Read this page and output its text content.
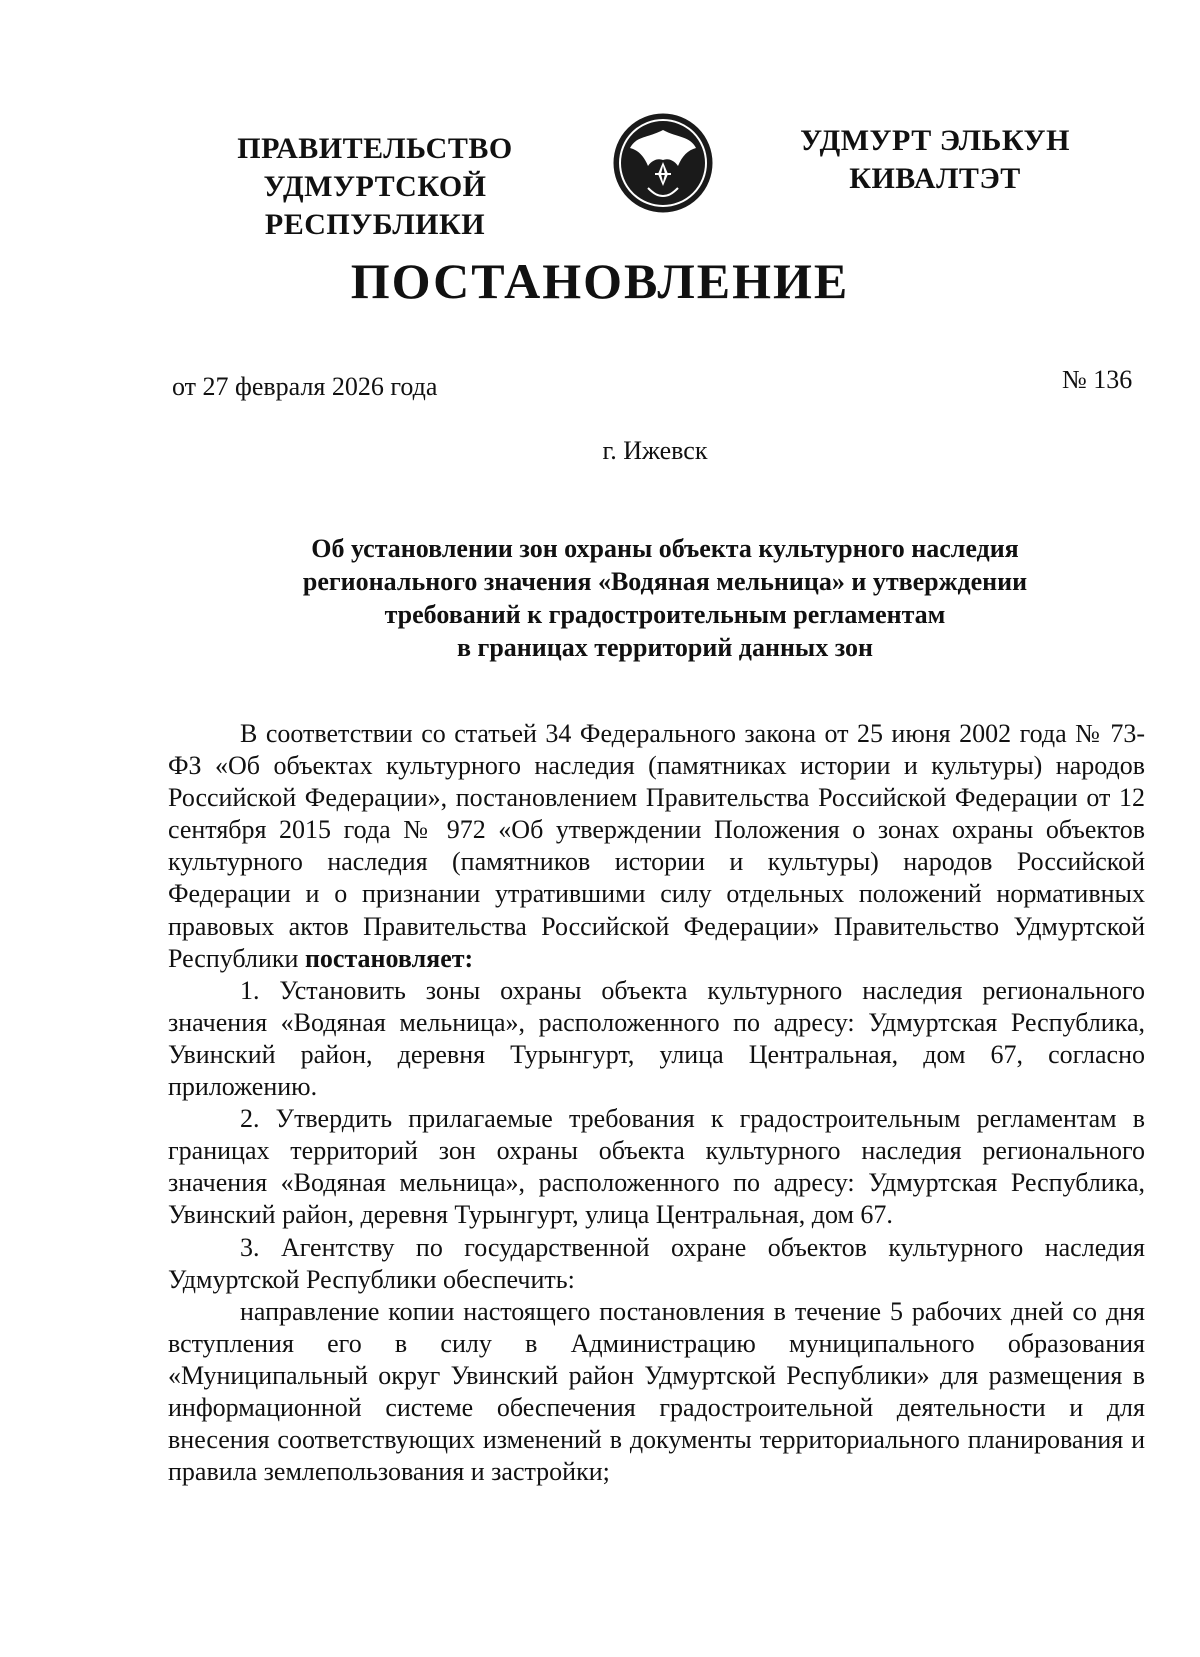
ПРАВИТЕЛЬСТВО
УДМУРТСКОЙ РЕСПУБЛИКИ
УДМУРТ ЭЛЬКУН
КИВАЛТЭТ
ПОСТАНОВЛЕНИЕ
от 27 февраля 2026 года	№ 136
г. Ижевск
Об установлении зон охраны объекта культурного наследия
регионального значения «Водяная мельница» и утверждении
требований к градостроительным регламентам
в границах территорий данных зон

В соответствии со статьей 34 Федерального закона от 25 июня 2002 года № 73-ФЗ «Об объектах культурного наследия (памятниках истории и культуры) народов Российской Федерации», постановлением Правительства Российской Федерации от 12 сентября 2015 года № 972 «Об утверждении Положения о зонах охраны объектов культурного наследия (памятников истории и культуры) народов Российской Федерации и о признании утратившими силу отдельных положений нормативных правовых актов Правительства Российской Федерации» Правительство Удмуртской Республики постановляет:

1. Установить зоны охраны объекта культурного наследия регионального значения «Водяная мельница», расположенного по адресу: Удмуртская Республика, Увинский район, деревня Турынгурт, улица Центральная, дом 67, согласно приложению.

2. Утвердить прилагаемые требования к градостроительным регламентам в границах территорий зон охраны объекта культурного наследия регионального значения «Водяная мельница», расположенного по адресу: Удмуртская Республика, Увинский район, деревня Турынгурт, улица Центральная, дом 67.

3. Агентству по государственной охране объектов культурного наследия Удмуртской Республики обеспечить:

направление копии настоящего постановления в течение 5 рабочих дней со дня вступления его в силу в Администрацию муниципального образования «Муниципальный округ Увинский район Удмуртской Республики» для размещения в информационной системе обеспечения градостроительной деятельности и для внесения соответствующих изменений в документы территориального планирования и правила землепользования и застройки;
